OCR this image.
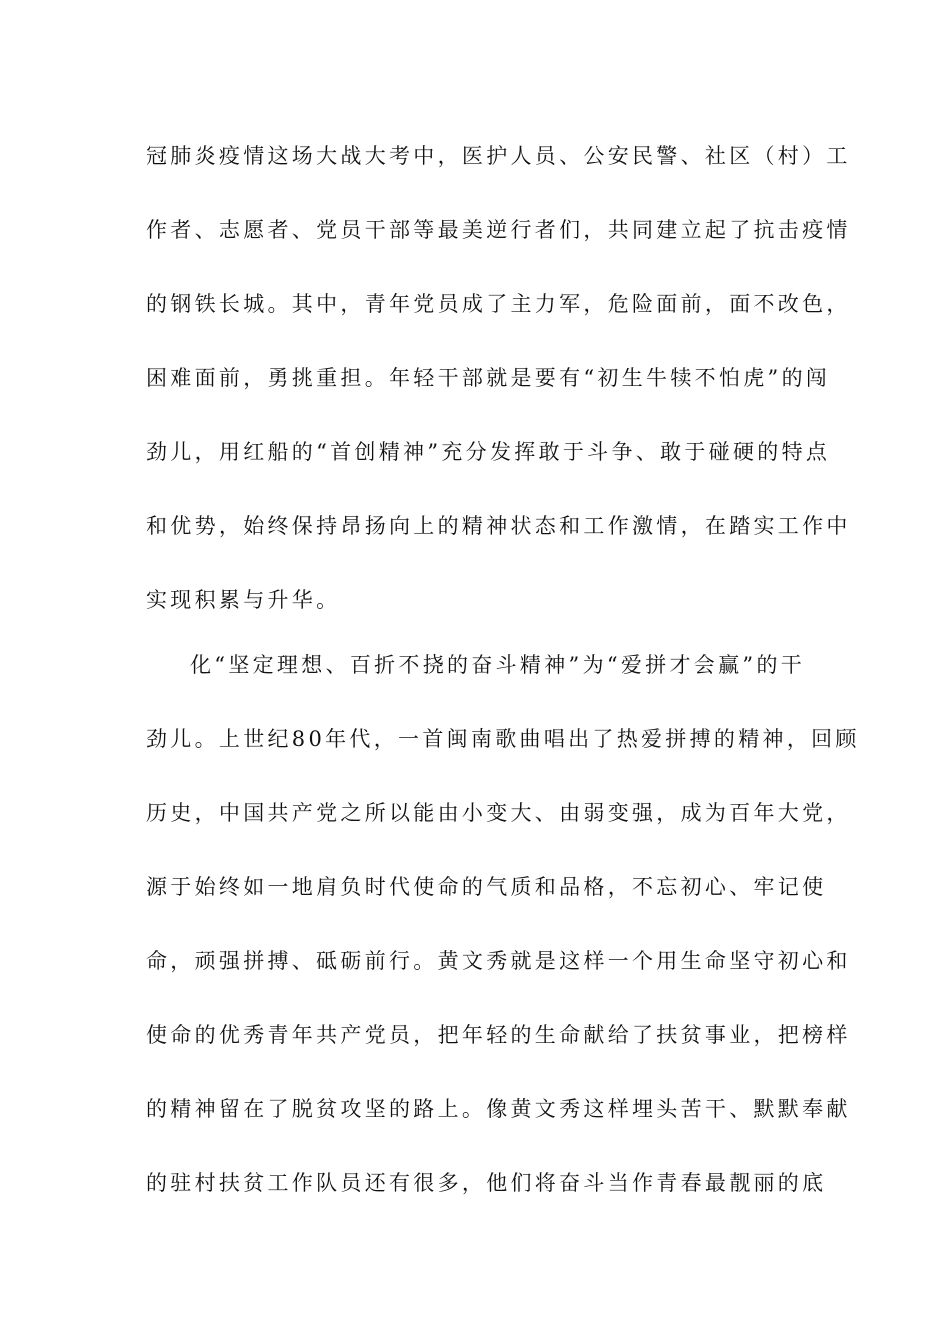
冠肺炎疫情这场大战大考中，医护人员、公安民警、社区（村）工
作者、志愿者、党员干部等最美逆行者们，共同建立起了抗击疫情
的钢铁长城。其中，青年党员成了主力军，危险面前，面不改色，
困难面前，勇挑重担。年轻干部就是要有“初生牛犊不怕虎”的闯
劲儿，用红船的“首创精神”充分发挥敢于斗争、敢于碰硬的特点
和优势，始终保持昂扬向上的精神状态和工作激情，在踏实工作中
实现积累与升华。
化“坚定理想、百折不挠的奋斗精神”为“爱拼才会赢”的干
劲儿。上世纪80年代，一首闽南歌曲唱出了热爱拼搏的精神，回顾
历史，中国共产党之所以能由小变大、由弱变强，成为百年大党，
源于始终如一地肩负时代使命的气质和品格，不忘初心、牢记使
命，顽强拼搏、砥砺前行。黄文秀就是这样一个用生命坚守初心和
使命的优秀青年共产党员，把年轻的生命献给了扶贫事业，把榜样
的精神留在了脱贫攻坚的路上。像黄文秀这样埋头苦干、默默奉献
的驻村扶贫工作队员还有很多，他们将奋斗当作青春最靓丽的底
